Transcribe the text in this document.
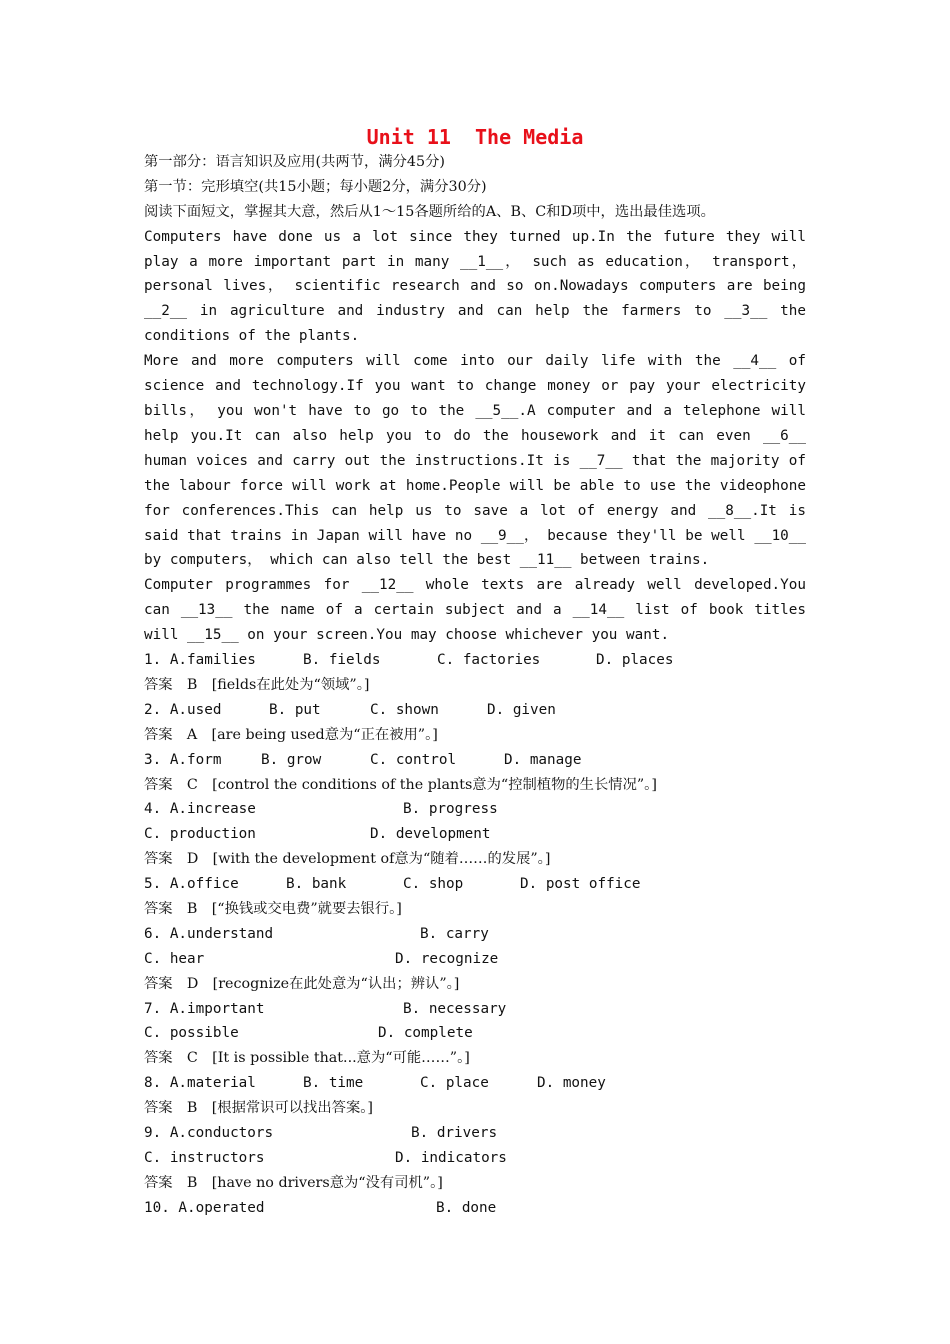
Unit 11  The Media
第一部分：语言知识及应用(共两节，满分45分)
第一节：完形填空(共15小题；每小题2分，满分30分)
阅读下面短文，掌握其大意，然后从1～15各题所给的A、B、C和D项中，选出最佳选项。
Computers have done us a lot since they turned up.In the future they will play a more important part in many __1__， such as education， transport， personal lives， scientific research and so on.Nowadays computers are being __2__ in agriculture and industry and can help the farmers to __3__ the conditions of the plants.
More and more computers will come into our daily life with the __4__ of science and technology.If you want to change money or pay your electricity bills， you won't have to go to the __5__.A computer and a telephone will help you.It can also help you to do the housework and it can even __6__ human voices and carry out the instructions.It is __7__ that the majority of the labour force will work at home.People will be able to use the videophone for conferences.This can help us to save a lot of energy and __8__.It is said that trains in Japan will have no __9__， because they'll be well __10__ by computers， which can also tell the best __11__ between trains.
Computer programmes for __12__ whole texts are already well developed.You can __13__ the name of a certain subject and a __14__ list of book titles will __15__ on your screen.You may choose whichever you want.
1. A.families	B. fields	C. factories	D. places
答案　B　[fields在此处为“领域”。]
2. A.used	B. put	C. shown	D. given
答案　A　[are being used意为“正在被用”。]
3. A.form	B. grow	C. control	D. manage
答案　C　[control the conditions of the plants意为“控制植物的生长情况”。]
4. A.increase	B. progress
C. production	D. development
答案　D　[with the development of意为“随着……的发展”。]
5. A.office	B. bank	C. shop	D. post office
答案　B　[“换钱或交电费”就要去银行。]
6. A.understand	B. carry
C. hear	D. recognize
答案　D　[recognize在此处意为“认出；辨认”。]
7. A.important	B. necessary
C. possible	D. complete
答案　C　[It is possible that...意为“可能……”。]
8. A.material	B. time	C. place	D. money
答案　B　[根据常识可以找出答案。]
9. A.conductors	B. drivers
C. instructors	D. indicators
答案　B　[have no drivers意为“没有司机”。]
10. A.operated	B. done
